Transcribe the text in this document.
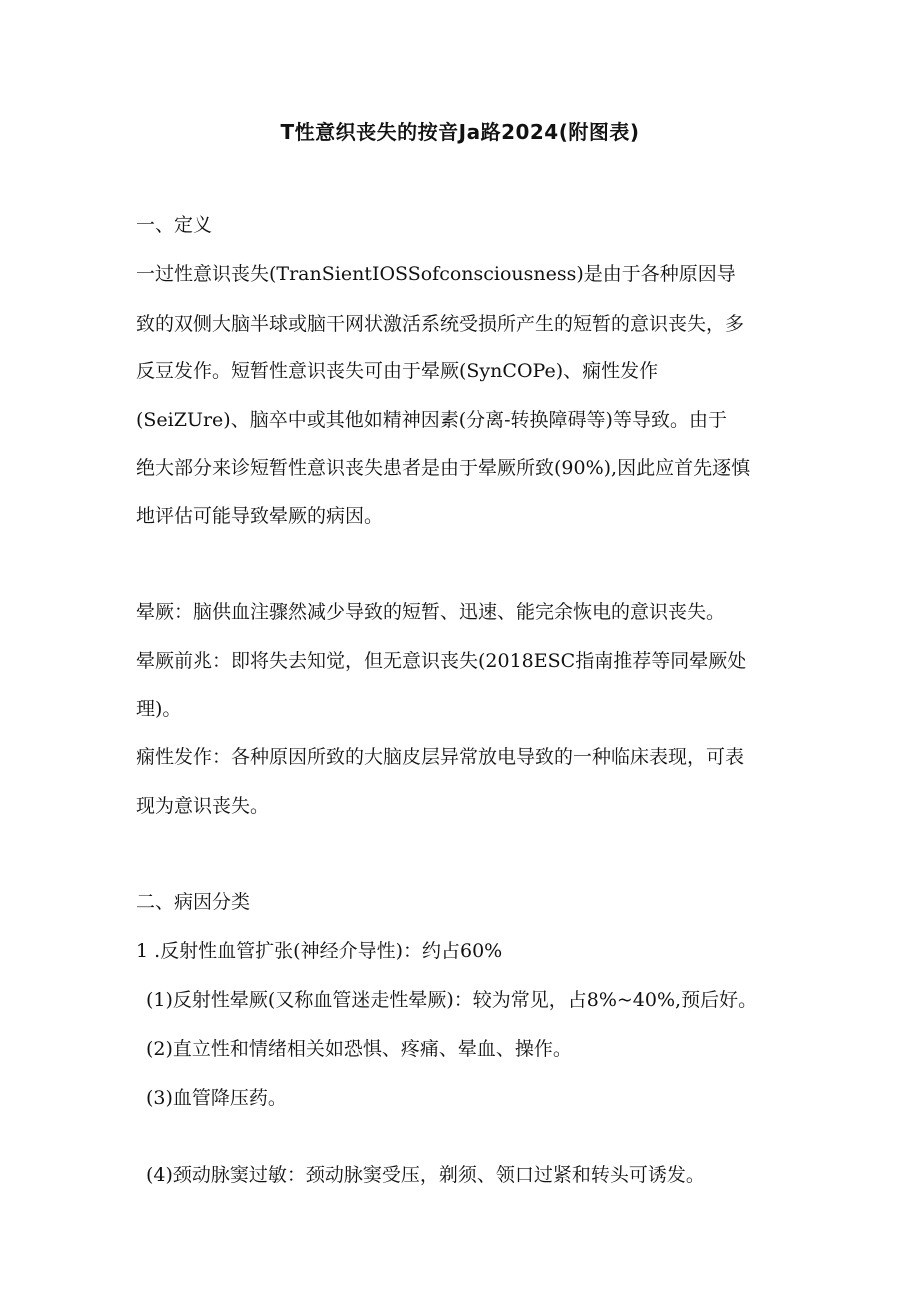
T性意织丧失的按音Ja路2024(附图表)
一、定义
一过性意识丧失(TranSientIOSSofconsciousness)是由于各种原因导
致的双侧大脑半球或脑干网状激活系统受损所产生的短暂的意识丧失，多
反豆发作。短暂性意识丧失可由于晕厥(SynCOPe)、痫性发作
(SeiZUre)、脑卒中或其他如精神因素(分离-转换障碍等)等导致。由于
绝大部分来诊短暂性意识丧失患者是由于晕厥所致(90%),因此应首先逐慎
地评估可能导致晕厥的病因。
晕厥：脑供血注骤然减少导致的短暂、迅速、能完余恢电的意识丧失。
晕厥前兆：即将失去知觉，但无意识丧失(2018ESC指南推荐等同晕厥处
理)。
痫性发作：各种原因所致的大脑皮层异常放电导致的一种临床表现，可表
现为意识丧失。
二、病因分类
1 .反射性血管扩张(神经介导性)：约占60%
(1)反射性晕厥(又称血管迷走性晕厥)：较为常见，占8%~40%,预后好。
(2)直立性和情绪相关如恐惧、疼痛、晕血、操作。
(3)血管降压药。
(4)颈动脉窦过敏：颈动脉窦受压，剃须、领口过紧和转头可诱发。
